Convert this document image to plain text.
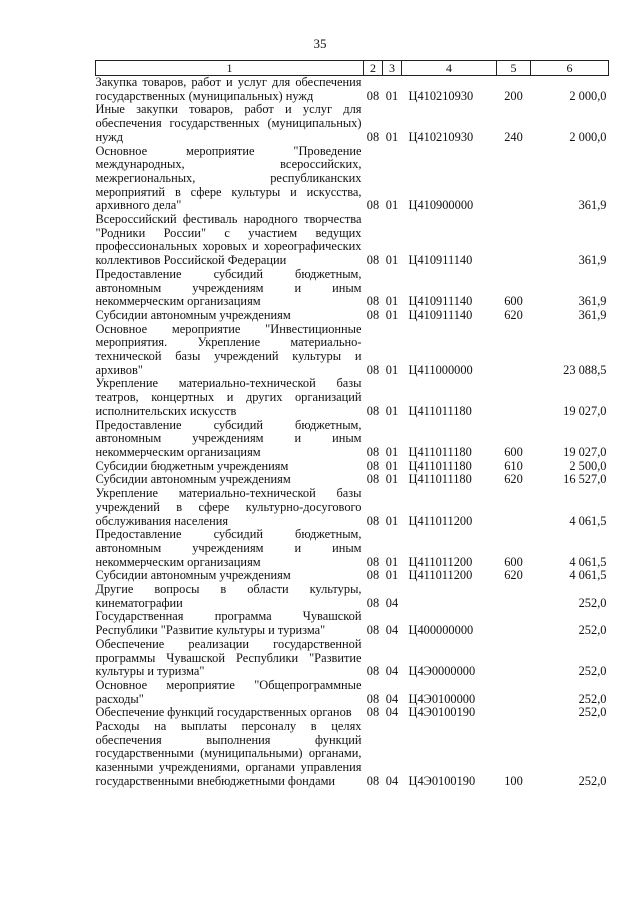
35
1	2	3	4	5	6
Закупка товаров, работ и услуг для обеспечения государственных (муниципальных) нужд	08	01	Ц410210930	200	2 000,0
Иные закупки товаров, работ и услуг для обеспечения государственных (муниципальных) нужд	08	01	Ц410210930	240	2 000,0
Основное мероприятие "Проведение международных, всероссийских, межрегиональных, республиканских мероприятий в сфере культуры и искусства, архивного дела"	08	01	Ц410900000		361,9
Всероссийский фестиваль народного творчества "Родники России" с участием ведущих профессиональных хоровых и хореографических коллективов Российской Федерации	08	01	Ц410911140		361,9
Предоставление субсидий бюджетным, автономным учреждениям и иным некоммерческим организациям	08	01	Ц410911140	600	361,9
Субсидии автономным учреждениям	08	01	Ц410911140	620	361,9
Основное мероприятие "Инвестиционные мероприятия. Укрепление материально-технической базы учреждений культуры и архивов"	08	01	Ц411000000		23 088,5
Укрепление материально-технической базы театров, концертных и других организаций исполнительских искусств	08	01	Ц411011180		19 027,0
Предоставление субсидий бюджетным, автономным учреждениям и иным некоммерческим организациям	08	01	Ц411011180	600	19 027,0
Субсидии бюджетным учреждениям	08	01	Ц411011180	610	2 500,0
Субсидии автономным учреждениям	08	01	Ц411011180	620	16 527,0
Укрепление материально-технической базы учреждений в сфере культурно-досугового обслуживания населения	08	01	Ц411011200		4 061,5
Предоставление субсидий бюджетным, автономным учреждениям и иным некоммерческим организациям	08	01	Ц411011200	600	4 061,5
Субсидии автономным учреждениям	08	01	Ц411011200	620	4 061,5
Другие вопросы в области культуры, кинематографии	08	04			252,0
Государственная программа Чувашской Республики "Развитие культуры и туризма"	08	04	Ц400000000		252,0
Обеспечение реализации государственной программы Чувашской Республики "Развитие культуры и туризма"	08	04	Ц4Э0000000		252,0
Основное мероприятие "Общепрограммные расходы"	08	04	Ц4Э0100000		252,0
Обеспечение функций государственных органов	08	04	Ц4Э0100190		252,0
Расходы на выплаты персоналу в целях обеспечения выполнения функций государственными (муниципальными) органами, казенными учреждениями, органами управления государственными внебюджетными фондами	08	04	Ц4Э0100190	100	252,0
